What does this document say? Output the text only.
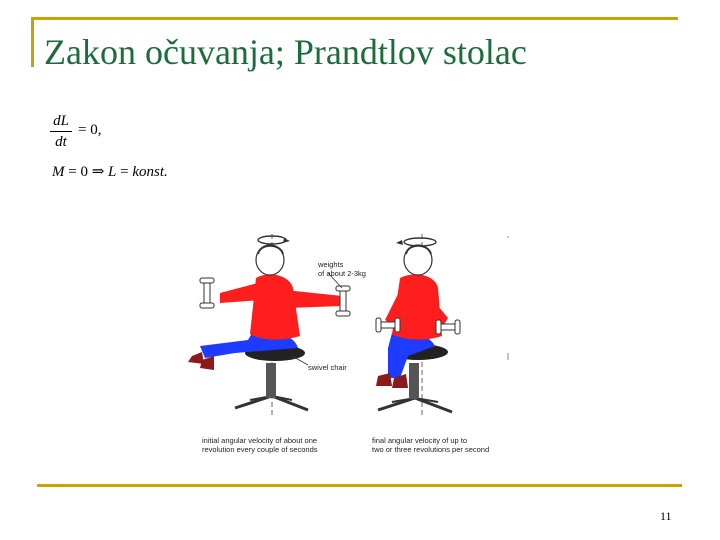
Zakon očuvanja; Prandtlov stolac
dL
dt
= 0,
M = 0 ⇒ L = konst.
weights
of about 2-3kg
swivel chair
initial angular velocity of about one
revolution every couple of seconds
final angular velocity of up to
two or three revolutions per second
11
